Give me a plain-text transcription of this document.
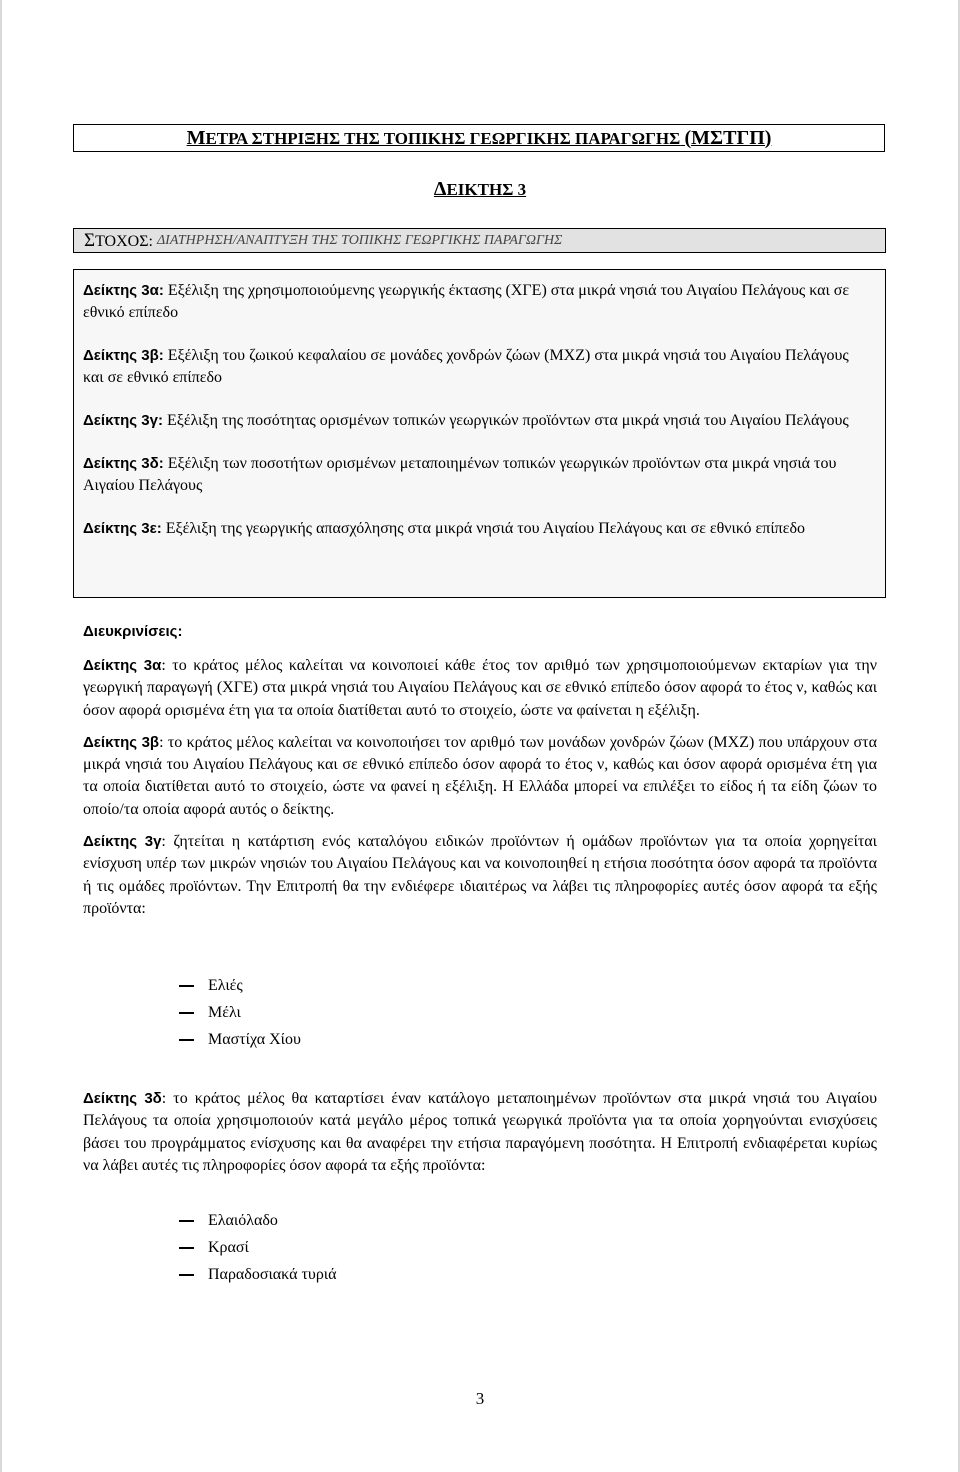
ΜΕΤΡΑ ΣΤΗΡΙΞΗΣ ΤΗΣ ΤΟΠΙΚΗΣ ΓΕΩΡΓΙΚΗΣ ΠΑΡΑΓΩΓΗΣ (ΜΣΤΓΠ)
ΔΕΙΚΤΗΣ 3
ΣΤΟΧΟΣ: ΔΙΑΤΗΡΗΣΗ/ΑΝΑΠΤΥΞΗ ΤΗΣ ΤΟΠΙΚΗΣ ΓΕΩΡΓΙΚΗΣ ΠΑΡΑΓΩΓΗΣ

Δείκτης 3α: Εξέλιξη της χρησιμοποιούμενης γεωργικής έκτασης (ΧΓΕ) στα μικρά νησιά του Αιγαίου Πελάγους και σε εθνικό επίπεδο

Δείκτης 3β: Εξέλιξη του ζωικού κεφαλαίου σε μονάδες χονδρών ζώων (ΜΧΖ) στα μικρά νησιά του Αιγαίου Πελάγους και σε εθνικό επίπεδο

Δείκτης 3γ: Εξέλιξη της ποσότητας ορισμένων τοπικών γεωργικών προϊόντων στα μικρά νησιά του Αιγαίου Πελάγους

Δείκτης 3δ: Εξέλιξη των ποσοτήτων ορισμένων μεταποιημένων τοπικών γεωργικών προϊόντων στα μικρά νησιά του Αιγαίου Πελάγους

Δείκτης 3ε: Εξέλιξη της γεωργικής απασχόλησης στα μικρά νησιά του Αιγαίου Πελάγους και σε εθνικό επίπεδο

Διευκρινίσεις:

Δείκτης 3α: το κράτος μέλος καλείται να κοινοποιεί κάθε έτος τον αριθμό των χρησιμοποιούμενων εκταρίων για την γεωργική παραγωγή (ΧΓΕ) στα μικρά νησιά του Αιγαίου Πελάγους και σε εθνικό επίπεδο όσον αφορά το έτος ν, καθώς και όσον αφορά ορισμένα έτη για τα οποία διατίθεται αυτό το στοιχείο, ώστε να φαίνεται η εξέλιξη.

Δείκτης 3β: το κράτος μέλος καλείται να κοινοποιήσει τον αριθμό των μονάδων χονδρών ζώων (ΜΧΖ) που υπάρχουν στα μικρά νησιά του Αιγαίου Πελάγους και σε εθνικό επίπεδο όσον αφορά το έτος ν, καθώς και όσον αφορά ορισμένα έτη για τα οποία διατίθεται αυτό το στοιχείο, ώστε να φανεί η εξέλιξη. Η Ελλάδα μπορεί να επιλέξει το είδος ή τα είδη ζώων το οποίο/τα οποία αφορά αυτός ο δείκτης.

Δείκτης 3γ: ζητείται η κατάρτιση ενός καταλόγου ειδικών προϊόντων ή ομάδων προϊόντων για τα οποία χορηγείται ενίσχυση υπέρ των μικρών νησιών του Αιγαίου Πελάγους και να κοινοποιηθεί η ετήσια ποσότητα όσον αφορά τα προϊόντα ή τις ομάδες προϊόντων. Την Επιτροπή θα την ενδιέφερε ιδιαιτέρως να λάβει τις πληροφορίες αυτές όσον αφορά τα εξής προϊόντα:

Ελιές
Μέλι
Μαστίχα Χίου

Δείκτης 3δ: το κράτος μέλος θα καταρτίσει έναν κατάλογο μεταποιημένων προϊόντων στα μικρά νησιά του Αιγαίου Πελάγους τα οποία χρησιμοποιούν κατά μεγάλο μέρος τοπικά γεωργικά προϊόντα για τα οποία χορηγούνται ενισχύσεις βάσει του προγράμματος ενίσχυσης και θα αναφέρει την ετήσια παραγόμενη ποσότητα. Η Επιτροπή ενδιαφέρεται κυρίως να λάβει αυτές τις πληροφορίες όσον αφορά τα εξής προϊόντα:

Ελαιόλαδο
Κρασί
Παραδοσιακά τυριά
3
